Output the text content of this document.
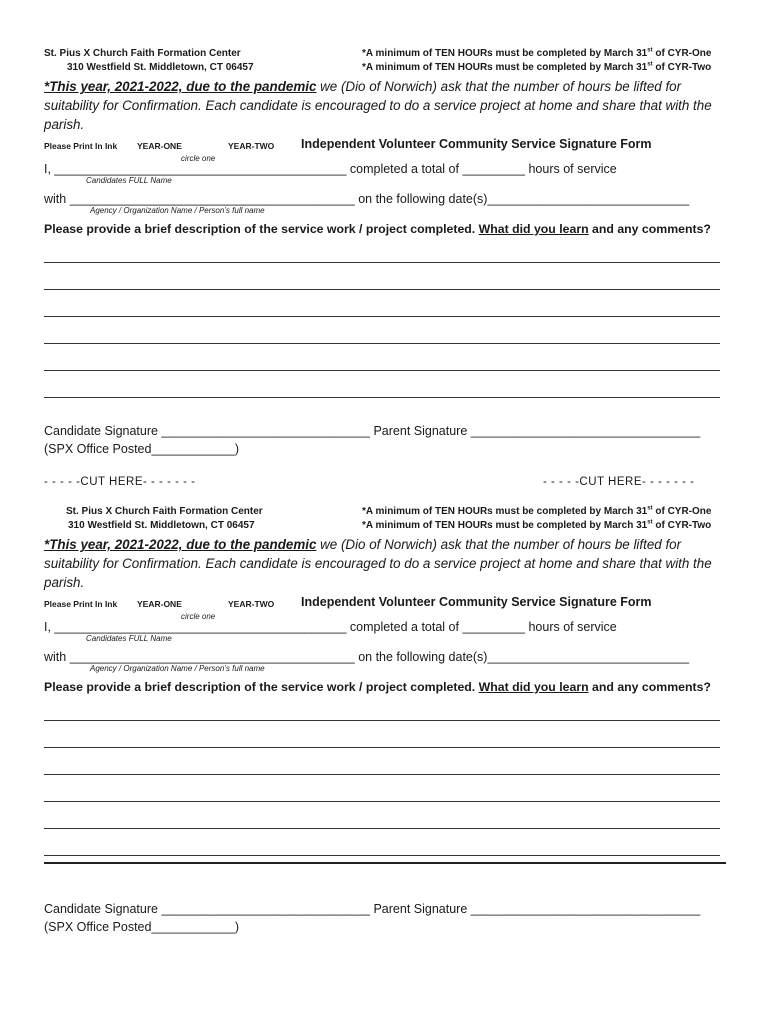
St. Pius X Church Faith Formation Center
310 Westfield St. Middletown, CT 06457
*A minimum of TEN HOURs must be completed by March 31st of CYR-One
*A minimum of TEN HOURs must be completed by March 31st of CYR-Two
*This year, 2021-2022, due to the pandemic we (Dio of Norwich) ask that the number of hours be lifted for suitability for Confirmation. Each candidate is encouraged to do a service project at home and share that with the parish.
Please Print In Ink YEAR-ONE	YEAR-TWO Independent Volunteer Community Service Signature Form
circle one
I, __________________________________________ completed a total of _________ hours of service
Candidates FULL Name
with _________________________________________ on the following date(s)_____________________________
Agency / Organization Name / Person’s full name
Please provide a brief description of the service work / project completed. What did you learn and any comments?
Candidate Signature ______________________________ Parent Signature _________________________________
(SPX Office Posted____________)
- - - - -CUT HERE- - - - - - -	- - - - -CUT HERE- - - - - - -
St. Pius X Church Faith Formation Center
310 Westfield St. Middletown, CT 06457
*A minimum of TEN HOURs must be completed by March 31st of CYR-One
*A minimum of TEN HOURs must be completed by March 31st of CYR-Two
*This year, 2021-2022, due to the pandemic we (Dio of Norwich) ask that the number of hours be lifted for suitability for Confirmation. Each candidate is encouraged to do a service project at home and share that with the parish.
Please Print In Ink YEAR-ONE	YEAR-TWO Independent Volunteer Community Service Signature Form
circle one
I, __________________________________________ completed a total of _________ hours of service
Candidates FULL Name
with _________________________________________ on the following date(s)_____________________________
Agency / Organization Name / Person’s full name
Please provide a brief description of the service work / project completed. What did you learn and any comments?
Candidate Signature ______________________________ Parent Signature _________________________________
(SPX Office Posted____________)
